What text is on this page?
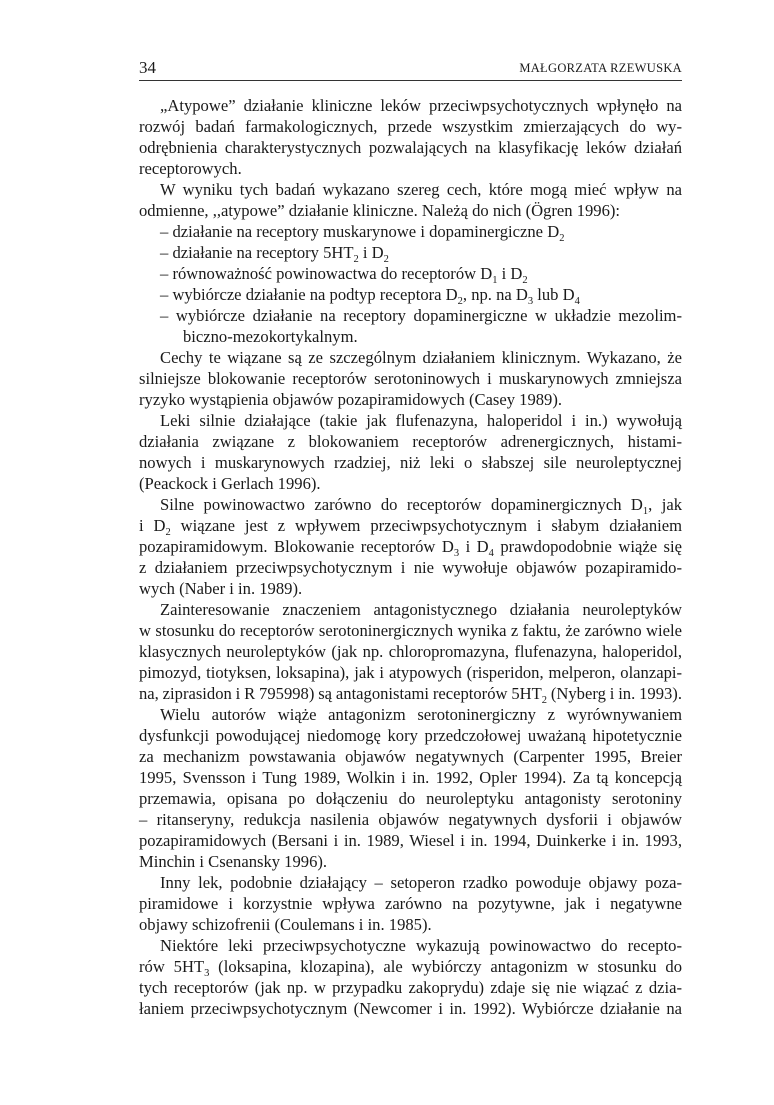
34	MAŁGORZATA RZEWUSKA
„Atypowe” działanie kliniczne leków przeciwpsychotycznych wpłynęło na
rozwój badań farmakologicznych, przede wszystkim zmierzających do wy-
odrębnienia charakterystycznych pozwalających na klasyfikację leków działań
receptorowych.
W wyniku tych badań wykazano szereg cech, które mogą mieć wpływ na
odmienne, ,,atypowe” działanie kliniczne. Należą do nich (Ögren 1996):
– działanie na receptory muskarynowe i dopaminergiczne $D_2$
– działanie na receptory $5HT_2$ i $D_2$
– równoważność powinowactwa do receptorów $D_1$ i $D_2$
– wybiórcze działanie na podtyp receptora $D_2$, np. na $D_3$ lub $D_4$
– wybiórcze działanie na receptory dopaminergiczne w układzie mezolim-
biczno-mezokortykalnym.
Cechy te wiązane są ze szczególnym działaniem klinicznym. Wykazano, że
silniejsze blokowanie receptorów serotoninowych i muskarynowych zmniejsza
ryzyko wystąpienia objawów pozapiramidowych (Casey 1989).
Leki silnie działające (takie jak flufenazyna, haloperidol i in.) wywołują
działania związane z blokowaniem receptorów adrenergicznych, histami-
nowych i muskarynowych rzadziej, niż leki o słabszej sile neuroleptycznej
(Peackock i Gerlach 1996).
Silne powinowactwo zarówno do receptorów dopaminergicznych $D_1$, jak
i $D_2$ wiązane jest z wpływem przeciwpsychotycznym i słabym działaniem
pozapiramidowym. Blokowanie receptorów $D_3$ i $D_4$ prawdopodobnie wiąże się
z działaniem przeciwpsychotycznym i nie wywołuje objawów pozapiramido-
wych (Naber i in. 1989).
Zainteresowanie znaczeniem antagonistycznego działania neuroleptyków
w stosunku do receptorów serotoninergicznych wynika z faktu, że zarówno wiele
klasycznych neuroleptyków (jak np. chloropromazyna, flufenazyna, haloperidol,
pimozyd, tiotyksen, loksapina), jak i atypowych (risperidon, melperon, olanzapi-
na, ziprasidon i R 795998) są antagonistami receptorów $5HT_2$ (Nyberg i in. 1993).
Wielu autorów wiąże antagonizm serotoninergiczny z wyrównywaniem
dysfunkcji powodującej niedomogę kory przedczołowej uważaną hipotetycznie
za mechanizm powstawania objawów negatywnych (Carpenter 1995, Breier
1995, Svensson i Tung 1989, Wolkin i in. 1992, Opler 1994). Za tą koncepcją
przemawia, opisana po dołączeniu do neuroleptyku antagonisty serotoniny
– ritanseryny, redukcja nasilenia objawów negatywnych dysforii i objawów
pozapiramidowych (Bersani i in. 1989, Wiesel i in. 1994, Duinkerke i in. 1993,
Minchin i Csenansky 1996).
Inny lek, podobnie działający – setoperon rzadko powoduje objawy poza-
piramidowe i korzystnie wpływa zarówno na pozytywne, jak i negatywne
objawy schizofrenii (Coulemans i in. 1985).
Niektóre leki przeciwpsychotyczne wykazują powinowactwo do recepto-
rów $5HT_3$ (loksapina, klozapina), ale wybiórczy antagonizm w stosunku do
tych receptorów (jak np. w przypadku zakoprydu) zdaje się nie wiązać z dzia-
łaniem przeciwpsychotycznym (Newcomer i in. 1992). Wybiórcze działanie na
